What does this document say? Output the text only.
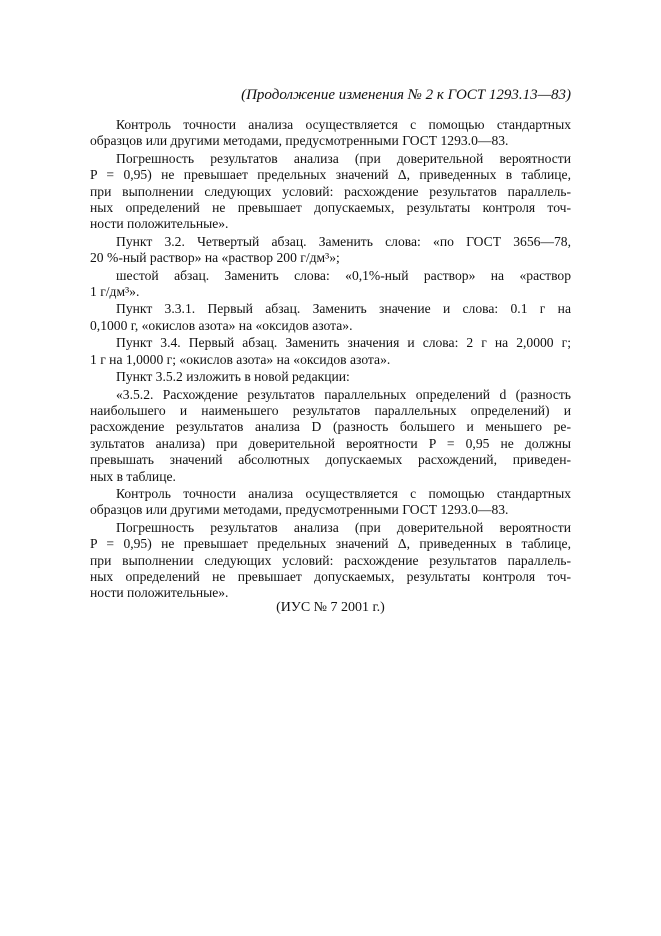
(Продолжение изменения № 2 к ГОСТ 1293.13—83)
Контроль точности анализа осуществляется с помощью стандартных
образцов или другими методами, предусмотренными ГОСТ 1293.0—83.
Погрешность результатов анализа (при доверительной вероятности
P = 0,95) не превышает предельных значений Δ, приведенных в таблице,
при выполнении следующих условий: расхождение результатов параллель-
ных определений не превышает допускаемых, результаты контроля точ-
ности положительные».
Пункт 3.2. Четвертый абзац. Заменить слова: «по ГОСТ 3656—78,
20 %-ный раствор» на «раствор 200 г/дм³»;
шестой абзац. Заменить слова: «0,1%-ный раствор» на «раствор
1 г/дм³».
Пункт 3.3.1. Первый абзац. Заменить значение и слова: 0.1 г на
0,1000 г, «окислов азота» на «оксидов азота».
Пункт 3.4. Первый абзац. Заменить значения и слова: 2 г на 2,0000 г;
1 г на 1,0000 г; «окислов азота» на «оксидов азота».
Пункт 3.5.2 изложить в новой редакции:
«3.5.2. Расхождение результатов параллельных определений d (разность
наибольшего и наименьшего результатов параллельных определений) и
расхождение результатов анализа D (разность большего и меньшего ре-
зультатов анализа) при доверительной вероятности P = 0,95 не должны
превышать значений абсолютных допускаемых расхождений, приведен-
ных в таблице.
Контроль точности анализа осуществляется с помощью стандартных
образцов или другими методами, предусмотренными ГОСТ 1293.0—83.
Погрешность результатов анализа (при доверительной вероятности
P = 0,95) не превышает предельных значений Δ, приведенных в таблице,
при выполнении следующих условий: расхождение результатов параллель-
ных определений не превышает допускаемых, результаты контроля точ-
ности положительные».
(ИУС № 7 2001 г.)
